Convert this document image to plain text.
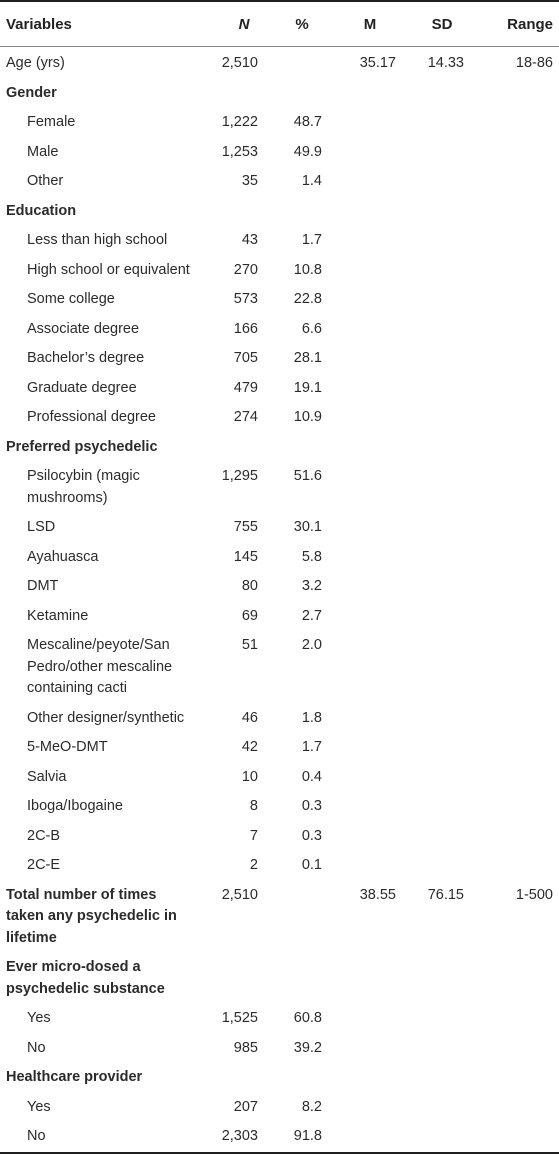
Variables	N	%	M	SD	Range
Age (yrs)	2,510		35.17	14.33	18-86
Gender					
Female	1,222	48.7			
Male	1,253	49.9			
Other	35	1.4			
Education					
Less than high school	43	1.7			
High school or equivalent	270	10.8			
Some college	573	22.8			
Associate degree	166	6.6			
Bachelor’s degree	705	28.1			
Graduate degree	479	19.1			
Professional degree	274	10.9			
Preferred psychedelic					
Psilocybin (magic mushrooms)	1,295	51.6			
LSD	755	30.1			
Ayahuasca	145	5.8			
DMT	80	3.2			
Ketamine	69	2.7			
Mescaline/peyote/San Pedro/other mescaline containing cacti	51	2.0			
Other designer/synthetic	46	1.8			
5-MeO-DMT	42	1.7			
Salvia	10	0.4			
Iboga/Ibogaine	8	0.3			
2C-B	7	0.3			
2C-E	2	0.1			
Total number of times taken any psychedelic in lifetime	2,510		38.55	76.15	1-500
Ever micro-dosed a psychedelic substance					
Yes	1,525	60.8			
No	985	39.2			
Healthcare provider					
Yes	207	8.2			
No	2,303	91.8			
